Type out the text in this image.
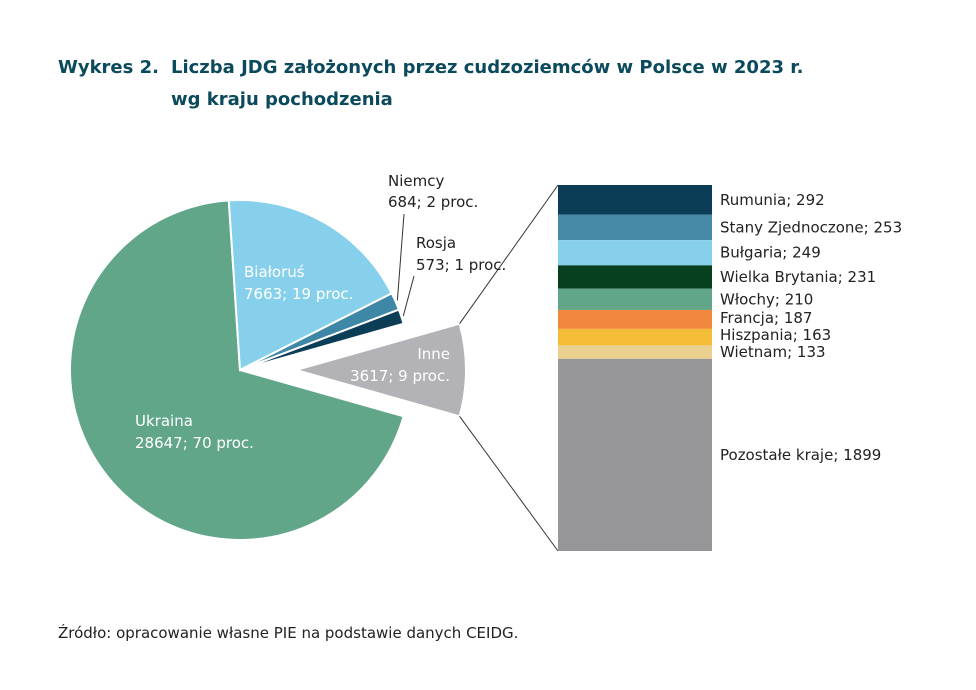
Wykres 2. Liczba JDG założonych przez cudzoziemców w Polsce w 2023 r.
wg kraju pochodzenia
Rumunia; 292
Stany Zjednoczone; 253
Bułgaria; 249
Wielka Brytania; 231
Włochy; 210
Francja; 187
Hiszpania; 163
Wietnam; 133
Pozostałe kraje; 1899
Ukraina
28647; 70 proc.
Białoruś
7663; 19 proc.
Inne
3617; 9 proc.
Niemcy
684; 2 proc.
Rosja
573; 1 proc.
Źródło: opracowanie własne PIE na podstawie danych CEIDG.
